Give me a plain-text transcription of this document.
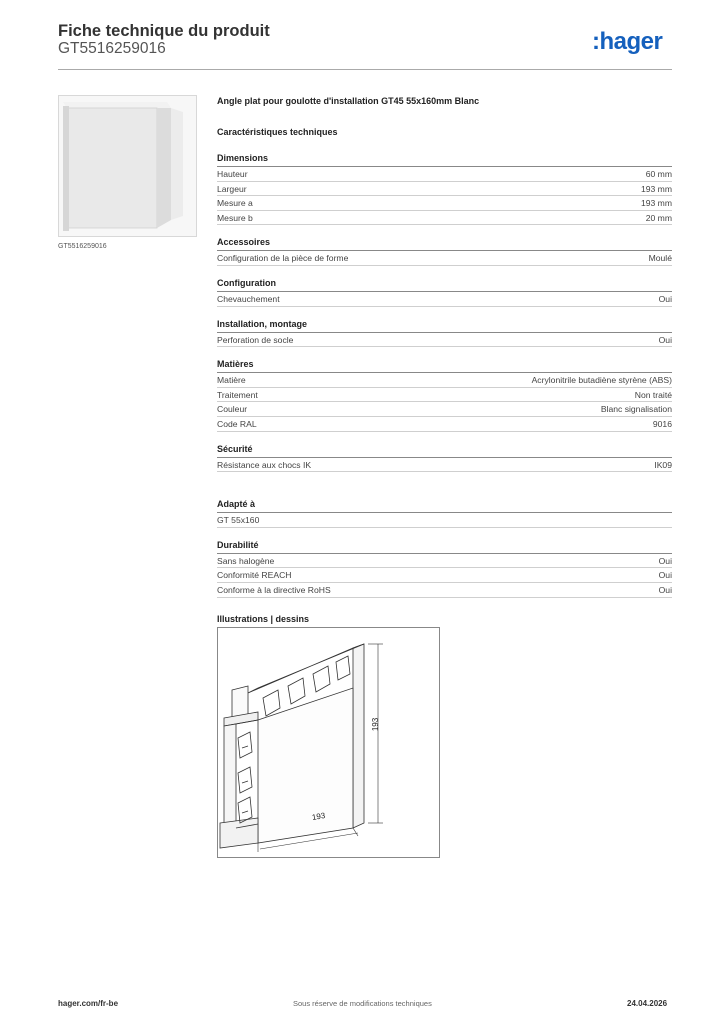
Fiche technique du produit
GT5516259016	:hager
GT5516259016
Angle plat pour goulotte d'installation GT45 55x160mm Blanc
Caractéristiques techniques
Dimensions
Hauteur	60 mm
Largeur	193 mm
Mesure a	193 mm
Mesure b	20 mm
Accessoires
Configuration de la pièce de forme	Moulé
Configuration
Chevauchement	Oui
Installation, montage
Perforation de socle	Oui
Matières
Matière	Acrylonitrile butadiène styrène (ABS)
Traitement	Non traité
Couleur	Blanc signalisation
Code RAL	9016
Sécurité
Résistance aux chocs IK	IK09
Adapté à
GT 55x160
Durabilité
Sans halogène	Oui
Conformité REACH	Oui
Conforme à la directive RoHS	Oui
Illustrations | dessins
193
193
hager.com/fr-be	Sous réserve de modifications techniques	24.04.2026
